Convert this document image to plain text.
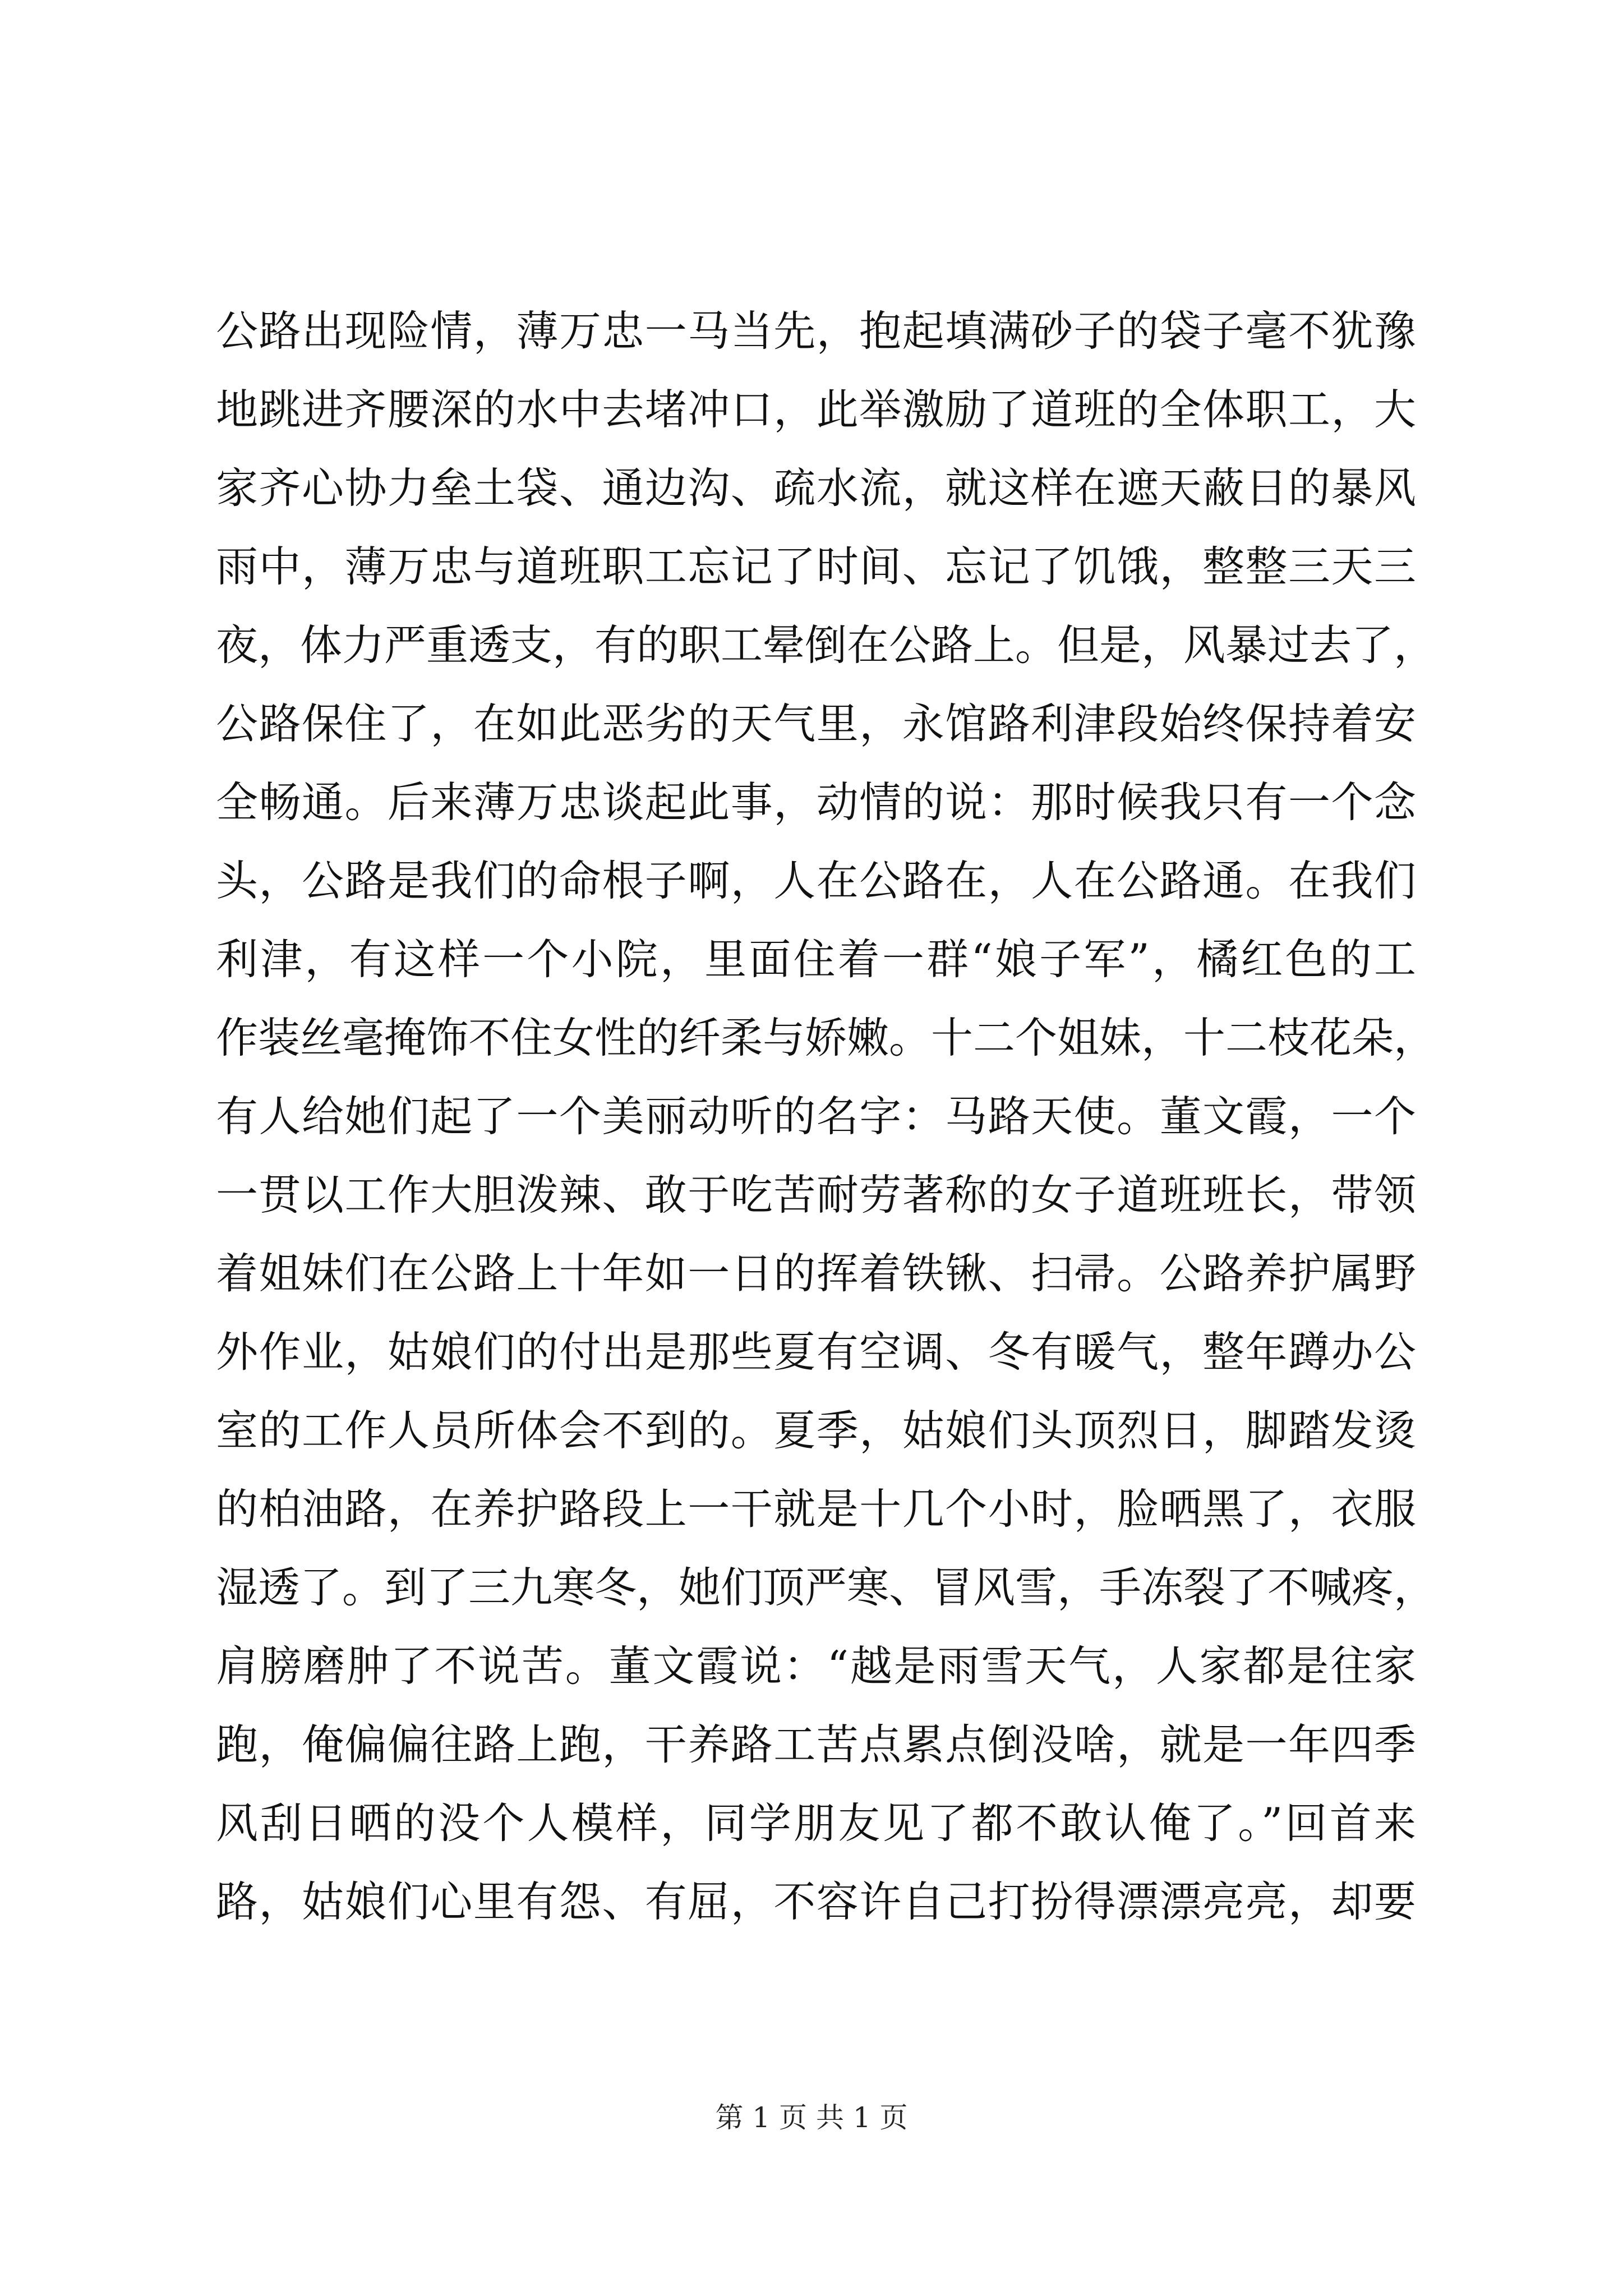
公路出现险情，薄万忠一马当先，抱起填满砂子的袋子毫不犹豫
地跳进齐腰深的水中去堵冲口，此举激励了道班的全体职工，大
家齐心协力垒土袋、通边沟、疏水流，就这样在遮天蔽日的暴风
雨中，薄万忠与道班职工忘记了时间、忘记了饥饿，整整三天三
夜，体力严重透支，有的职工晕倒在公路上。但是，风暴过去了，
公路保住了，在如此恶劣的天气里，永馆路利津段始终保持着安
全畅通。后来薄万忠谈起此事，动情的说：那时候我只有一个念
头，公路是我们的命根子啊，人在公路在，人在公路通。在我们
利津，有这样一个小院，里面住着一群“娘子军”，橘红色的工
作装丝毫掩饰不住女性的纤柔与娇嫩。十二个姐妹，十二枝花朵，
有人给她们起了一个美丽动听的名字：马路天使。董文霞，一个
一贯以工作大胆泼辣、敢于吃苦耐劳著称的女子道班班长，带领
着姐妹们在公路上十年如一日的挥着铁锹、扫帚。公路养护属野
外作业，姑娘们的付出是那些夏有空调、冬有暖气，整年蹲办公
室的工作人员所体会不到的。夏季，姑娘们头顶烈日，脚踏发烫
的柏油路，在养护路段上一干就是十几个小时，脸晒黑了，衣服
湿透了。到了三九寒冬，她们顶严寒、冒风雪，手冻裂了不喊疼，
肩膀磨肿了不说苦。董文霞说：“越是雨雪天气，人家都是往家
跑，俺偏偏往路上跑，干养路工苦点累点倒没啥，就是一年四季
风刮日晒的没个人模样，同学朋友见了都不敢认俺了。”回首来
路，姑娘们心里有怨、有屈，不容许自己打扮得漂漂亮亮，却要
第 1 页 共 1 页
